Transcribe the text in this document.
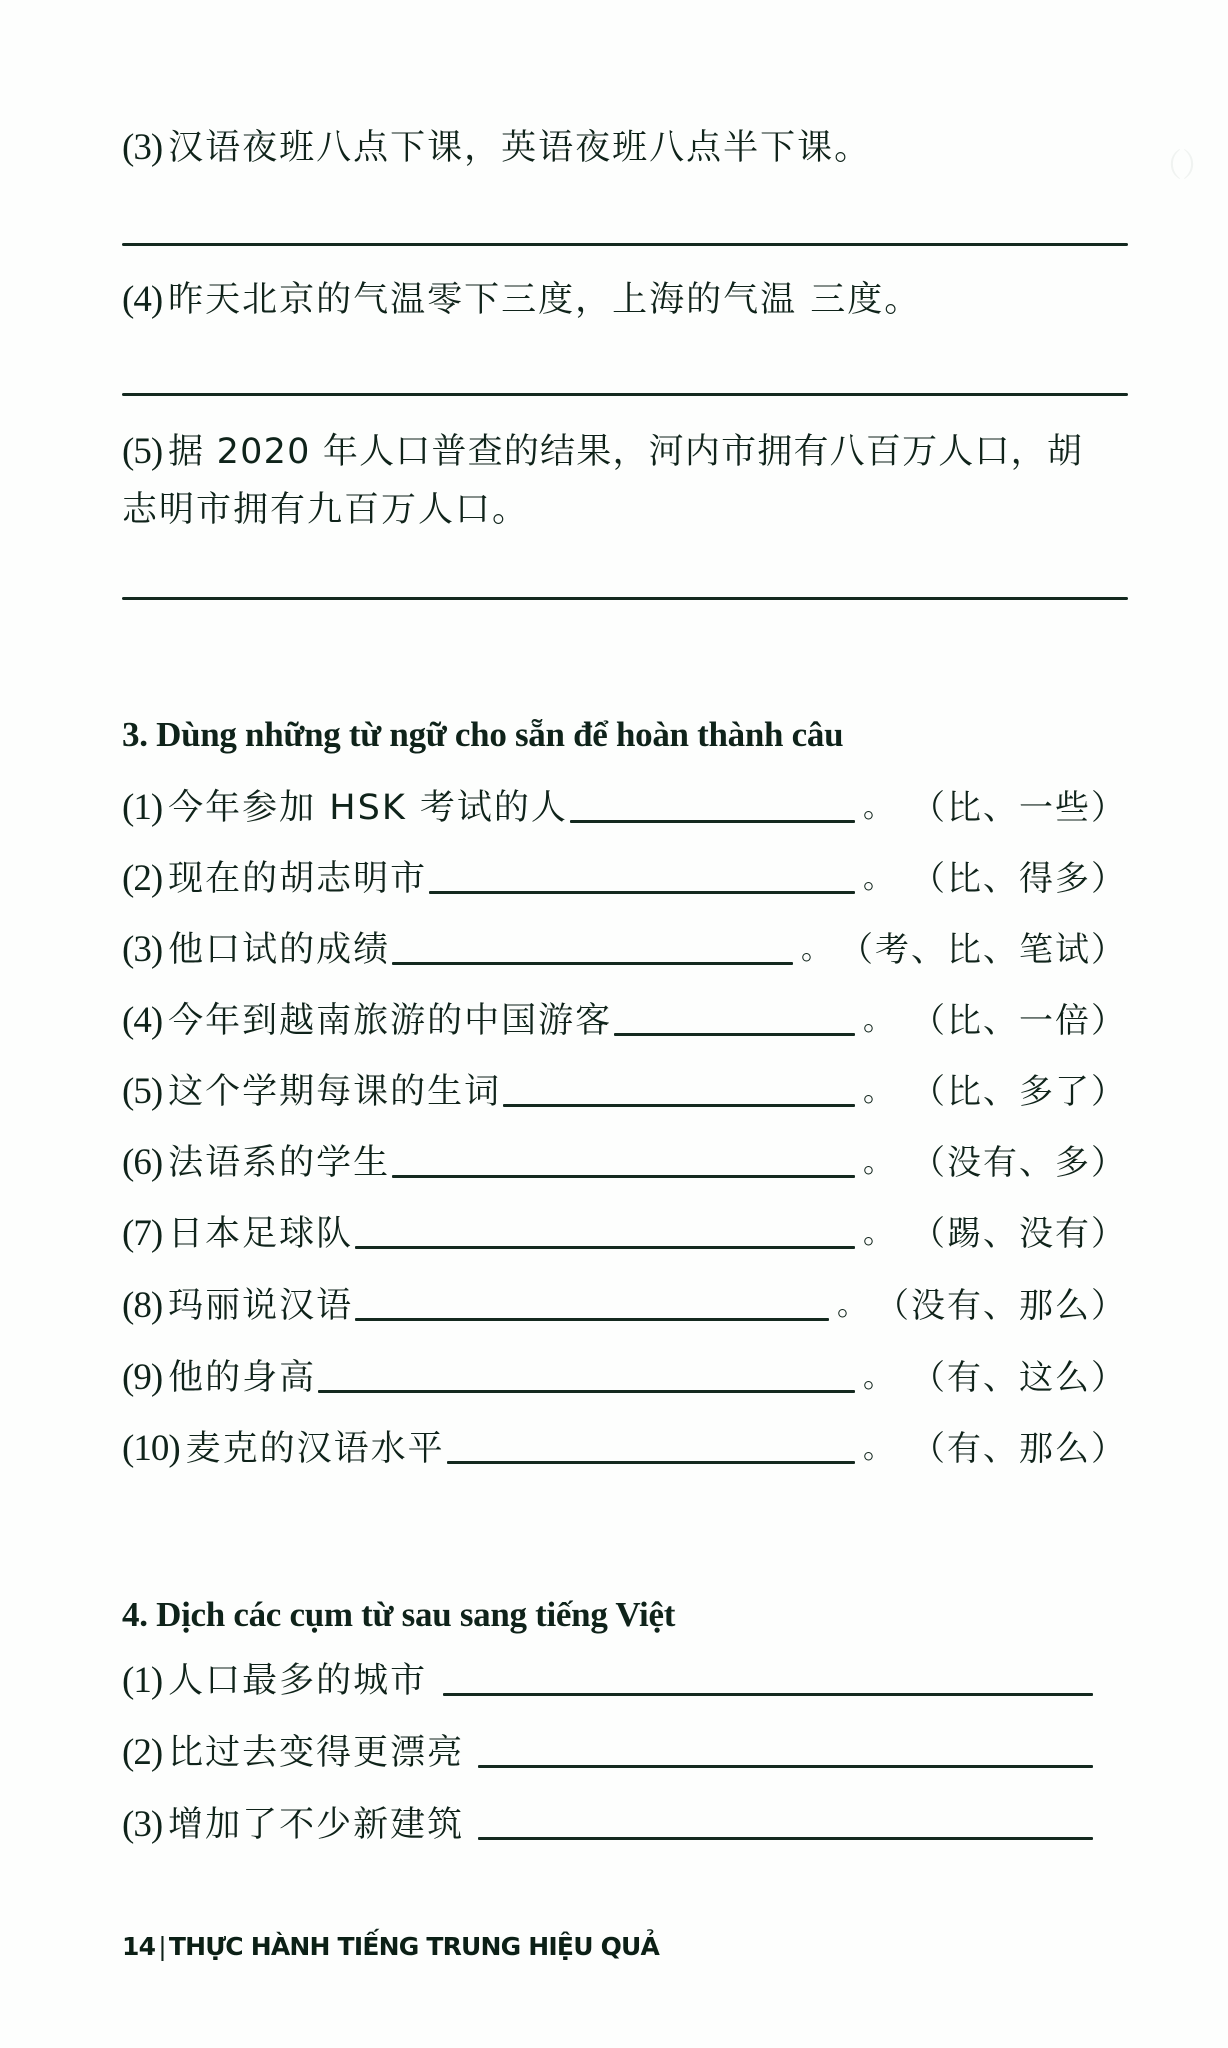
（）
(3) 汉语夜班八点下课，英语夜班八点半下课。
(4) 昨天北京的气温零下三度，上海的气温 三度。
(5) 据 2020 年人口普查的结果，河内市拥有八百万人口，胡
志明市拥有九百万人口。
3. Dùng những từ ngữ cho sẵn để hoàn thành câu
(1) 今年参加 HSK 考试的人	。 （比、一些）
(2) 现在的胡志明市	。 （比、得多）
(3) 他口试的成绩	。 （考、比、笔试）
(4) 今年到越南旅游的中国游客	。 （比、一倍）
(5) 这个学期每课的生词	。 （比、多了）
(6) 法语系的学生	。 （没有、多）
(7) 日本足球队	。 （踢、没有）
(8) 玛丽说汉语	。 （没有、那么）
(9) 他的身高	。 （有、这么）
(10) 麦克的汉语水平	。 （有、那么）
4. Dịch các cụm từ sau sang tiếng Việt
(1) 人口最多的城市
(2) 比过去变得更漂亮
(3) 增加了不少新建筑
14 | THỰC HÀNH TIẾNG TRUNG HIỆU QUẢ
